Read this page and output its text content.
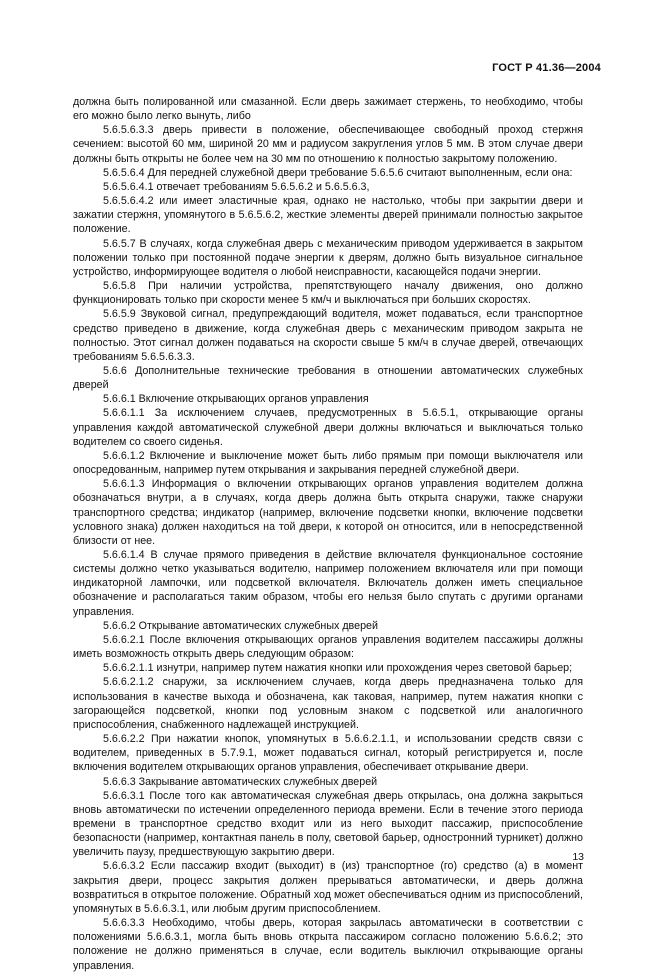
ГОСТ Р 41.36—2004

должна быть полированной или смазанной. Если дверь зажимает стержень, то необходимо, чтобы его можно было легко вынуть, либо

5.6.5.6.3.3 дверь привести в положение, обеспечивающее свободный проход стержня сечением: высотой 60 мм, шириной 20 мм и радиусом закругления углов 5 мм. В этом случае двери должны быть открыты не более чем на 30 мм по отношению к полностью закрытому положению.

5.6.5.6.4 Для передней служебной двери требование 5.6.5.6 считают выполненным, если она:

5.6.5.6.4.1 отвечает требованиям 5.6.5.6.2 и 5.6.5.6.3,

5.6.5.6.4.2 или имеет эластичные края, однако не настолько, чтобы при закрытии двери и зажатии стержня, упомянутого в 5.6.5.6.2, жесткие элементы дверей принимали полностью закрытое положение.

5.6.5.7 В случаях, когда служебная дверь с механическим приводом удерживается в закрытом положении только при постоянной подаче энергии к дверям, должно быть визуальное сигнальное устройство, информирующее водителя о любой неисправности, касающейся подачи энергии.

5.6.5.8 При наличии устройства, препятствующего началу движения, оно должно функционировать только при скорости менее 5 км/ч и выключаться при больших скоростях.

5.6.5.9 Звуковой сигнал, предупреждающий водителя, может подаваться, если транспортное средство приведено в движение, когда служебная дверь с механическим приводом закрыта не полностью. Этот сигнал должен подаваться на скорости свыше 5 км/ч в случае дверей, отвечающих требованиям 5.6.5.6.3.3.

5.6.6 Дополнительные технические требования в отношении автоматических служебных дверей

5.6.6.1 Включение открывающих органов управления

5.6.6.1.1 За исключением случаев, предусмотренных в 5.6.5.1, открывающие органы управления каждой автоматической служебной двери должны включаться и выключаться только водителем со своего сиденья.

5.6.6.1.2 Включение и выключение может быть либо прямым при помощи выключателя или опосредованным, например путем открывания и закрывания передней служебной двери.

5.6.6.1.3 Информация о включении открывающих органов управления водителем должна обозначаться внутри, а в случаях, когда дверь должна быть открыта снаружи, также снаружи транспортного средства; индикатор (например, включение подсветки кнопки, включение подсветки условного знака) должен находиться на той двери, к которой он относится, или в непосредственной близости от нее.

5.6.6.1.4 В случае прямого приведения в действие включателя функциональное состояние системы должно четко указываться водителю, например положением включателя или при помощи индикаторной лампочки, или подсветкой включателя. Включатель должен иметь специальное обозначение и располагаться таким образом, чтобы его нельзя было спутать с другими органами управления.

5.6.6.2 Открывание автоматических служебных дверей

5.6.6.2.1 После включения открывающих органов управления водителем пассажиры должны иметь возможность открыть дверь следующим образом:

5.6.6.2.1.1 изнутри, например путем нажатия кнопки или прохождения через световой барьер;

5.6.6.2.1.2 снаружи, за исключением случаев, когда дверь предназначена только для использования в качестве выхода и обозначена, как таковая, например, путем нажатия кнопки с загорающейся подсветкой, кнопки под условным знаком с подсветкой или аналогичного приспособления, снабженного надлежащей инструкцией.

5.6.6.2.2 При нажатии кнопок, упомянутых в 5.6.6.2.1.1, и использовании средств связи с водителем, приведенных в 5.7.9.1, может подаваться сигнал, который регистрируется и, после включения водителем открывающих органов управления, обеспечивает открывание двери.

5.6.6.3 Закрывание автоматических служебных дверей

5.6.6.3.1 После того как автоматическая служебная дверь открылась, она должна закрыться вновь автоматически по истечении определенного периода времени. Если в течение этого периода времени в транспортное средство входит или из него выходит пассажир, приспособление безопасности (например, контактная панель в полу, световой барьер, одностронний турникет) должно увеличить паузу, предшествующую закрытию двери.

5.6.6.3.2 Если пассажир входит (выходит) в (из) транспортное (го) средство (а) в момент закрытия двери, процесс закрытия должен прерываться автоматически, и дверь должна возвратиться в открытое положение. Обратный ход может обеспечиваться одним из приспособлений, упомянутых в 5.6.6.3.1, или любым другим приспособлением.

5.6.6.3.3 Необходимо, чтобы дверь, которая закрылась автоматически в соответствии с положениями 5.6.6.3.1, могла быть вновь открыта пассажиром согласно положению 5.6.6.2; это положение не должно применяться в случае, если водитель выключил открывающие органы управления.

13
